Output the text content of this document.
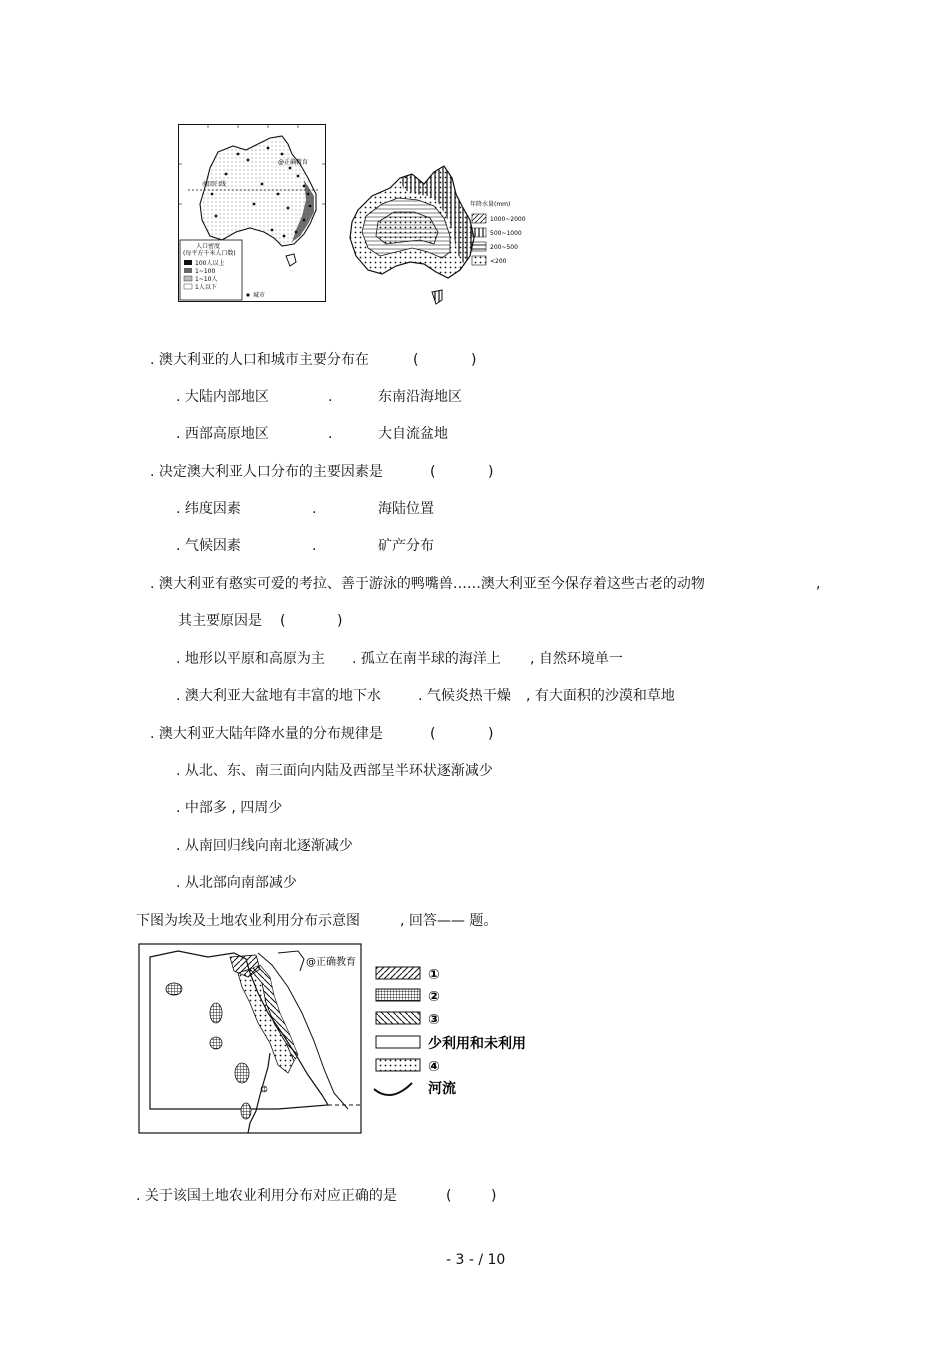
南回归线
@正确教育
人口密度
(每平方千米人口数)
100人以上
1~100
1~10人
1人以下
城市
年降水量(mm)
1000~2000
500~1000
200~500
<200
. 澳大利亚的人口和城市主要分布在	(	)
. 大陆内部地区	.	东南沿海地区
. 西部高原地区	.	大自流盆地
. 决定澳大利亚人口分布的主要因素是	(	)
. 纬度因素	.	海陆位置
. 气候因素	.	矿产分布
. 澳大利亚有憨实可爱的考拉、善于游泳的鸭嘴兽……澳大利亚至今保存着这些古老的动物	,
其主要原因是 (	)
. 地形以平原和高原为主 . 孤立在南半球的海洋上 , 自然环境单一
. 澳大利亚大盆地有丰富的地下水	. 气候炎热干燥 , 有大面积的沙漠和草地
. 澳大利亚大陆年降水量的分布规律是	(	)
. 从北、东、南三面向内陆及西部呈半环状逐渐减少
. 中部多 , 四周少
. 从南回归线向南北逐渐减少
. 从北部向南部减少
下图为埃及土地农业利用分布示意图	, 回答—— 题。
@正确教育
①
②
③
少利用和未利用
④
河流
. 关于该国土地农业利用分布对应正确的是	(	)
- 3 - / 10
